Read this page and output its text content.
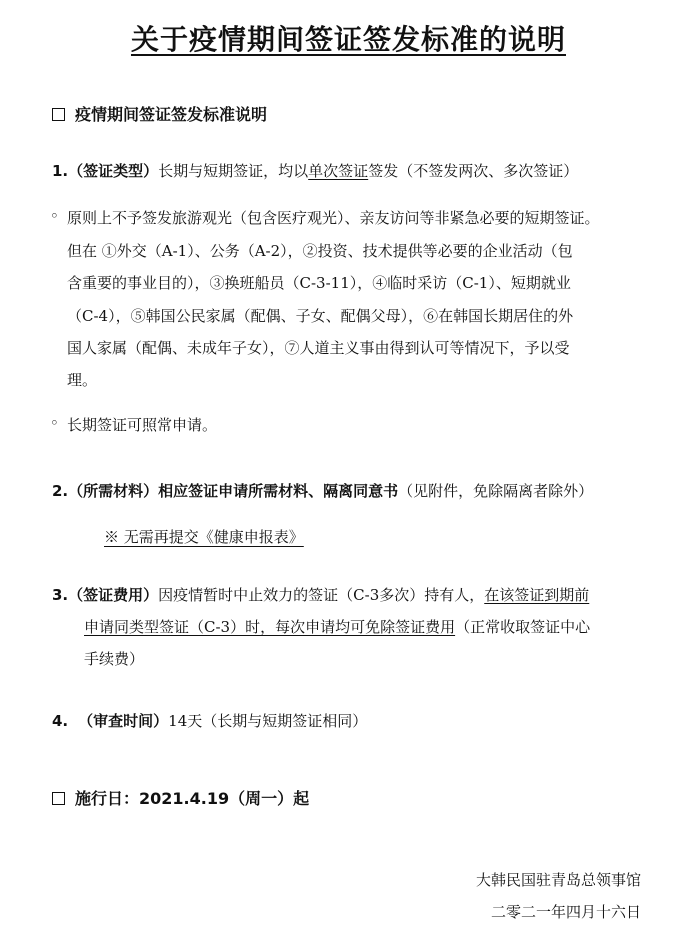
关于疫情期间签证签发标准的说明
疫情期间签证签发标准说明
1.（签证类型）长期与短期签证，均以单次签证签发（不签发两次、多次签证）
◦ 原则上不予签发旅游观光（包含医疗观光）、亲友访问等非紧急必要的短期签证。
但在 ①外交（A-1）、公务（A-2），②投资、技术提供等必要的企业活动（包
含重要的事业目的），③换班船员（C-3-11），④临时采访（C-1）、短期就业
（C-4），⑤韩国公民家属（配偶、子女、配偶父母），⑥在韩国长期居住的外
国人家属（配偶、未成年子女），⑦人道主义事由得到认可等情况下，予以受
理。
◦ 长期签证可照常申请。
2.（所需材料）相应签证申请所需材料、隔离同意书（见附件，免除隔离者除外）
※ 无需再提交《健康申报表》
3.（签证费用）因疫情暂时中止效力的签证（C-3多次）持有人，在该签证到期前
申请同类型签证（C-3）时，每次申请均可免除签证费用（正常收取签证中心
手续费）
4. （审查时间）14天（长期与短期签证相同）
施行日：2021.4.19（周一）起
大韩民国驻青岛总领事馆
二零二一年四月十六日
